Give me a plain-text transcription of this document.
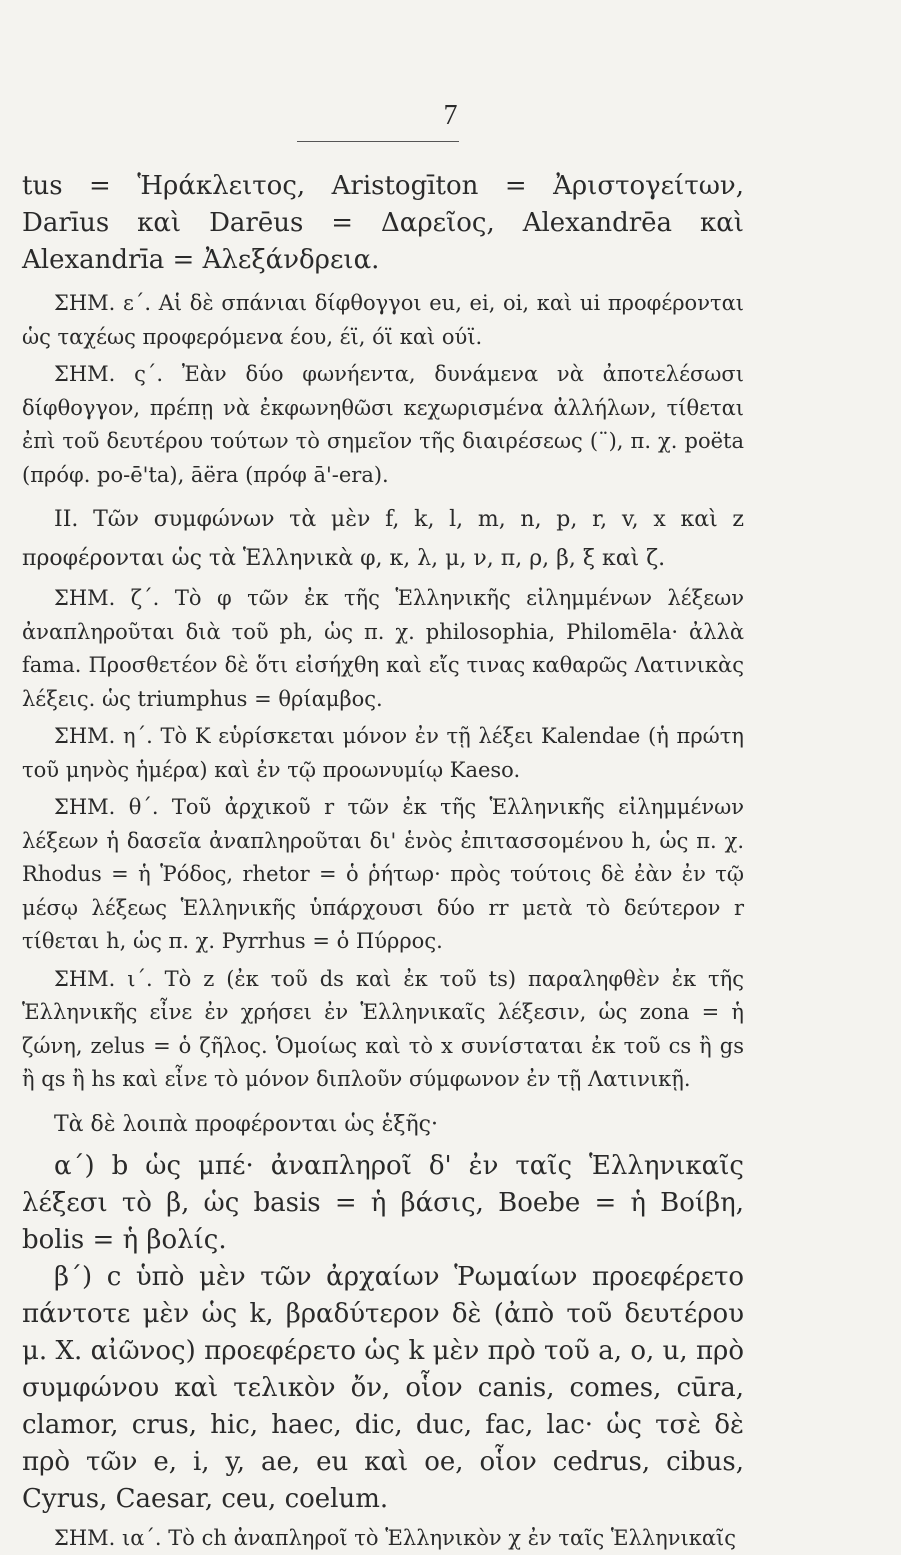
7

tus = Ἡράκλειτος, Aristogīton = Ἀριστογείτων, Darīus καὶ Darēus = Δαρεῖος, Alexandrēa καὶ Alexandrīa = Ἀλεξάνδρεια.

ΣΗΜ. ε΄. Αἱ δὲ σπάνιαι δίφθογγοι eu, ei, oi, καὶ ui προφέρονται ὡς ταχέως προφερόμενα έου, έϊ, όϊ καὶ ούϊ.

ΣΗΜ. ς΄. Ἐὰν δύο φωνήεντα, δυνάμενα νὰ ἀποτελέσωσι δίφθογγον, πρέπῃ νὰ ἐκφωνηθῶσι κεχωρισμένα ἀλλήλων, τίθεται ἐπὶ τοῦ δευτέρου τούτων τὸ σημεῖον τῆς διαιρέσεως (¨), π. χ. poëta (πρόφ. po-ē'ta), āëra (πρόφ ā'-era).

II. Τῶν συμφώνων τὰ μὲν f, k, l, m, n, p, r, v, x καὶ z προφέρονται ὡς τὰ Ἑλληνικὰ φ, κ, λ, μ, ν, π, ρ, β, ξ καὶ ζ.

ΣΗΜ. ζ΄. Τὸ φ τῶν ἐκ τῆς Ἑλληνικῆς εἰλημμένων λέξεων ἀναπληροῦται διὰ τοῦ ph, ὡς π. χ. philosophia, Philomēla· ἀλλὰ fama. Προσθετέον δὲ ὅτι εἰσήχθη καὶ εἴς τινας καθαρῶς Λατινικὰς λέξεις. ὡς triumphus = θρίαμβος.

ΣΗΜ. η΄. Τὸ K εὑρίσκεται μόνον ἐν τῇ λέξει Kalendae (ἡ πρώτη τοῦ μηνὸς ἡμέρα) καὶ ἐν τῷ προωνυμίῳ Kaeso.

ΣΗΜ. θ΄. Τοῦ ἀρχικοῦ r τῶν ἐκ τῆς Ἑλληνικῆς εἰλημμένων λέξεων ἡ δασεῖα ἀναπληροῦται δι' ἑνὸς ἐπιτασσομένου h, ὡς π. χ. Rhodus = ἡ Ῥόδος, rhetor = ὁ ῥήτωρ· πρὸς τούτοις δὲ ἐὰν ἐν τῷ μέσῳ λέξεως Ἑλληνικῆς ὑπάρχουσι δύο rr μετὰ τὸ δεύτερον r τίθεται h, ὡς π. χ. Pyrrhus = ὁ Πύρρος.

ΣΗΜ. ι΄. Τὸ z (ἐκ τοῦ ds καὶ ἐκ τοῦ ts) παραληφθὲν ἐκ τῆς Ἑλληνικῆς εἶνε ἐν χρήσει ἐν Ἑλληνικαῖς λέξεσιν, ὡς zona = ἡ ζώνη, zelus = ὁ ζῆλος. Ὁμοίως καὶ τὸ x συνίσταται ἐκ τοῦ cs ἢ gs ἢ qs ἢ hs καὶ εἶνε τὸ μόνον διπλοῦν σύμφωνον ἐν τῇ Λατινικῇ.

Τὰ δὲ λοιπὰ προφέρονται ὡς ἑξῆς·

α΄) b ὡς μπέ· ἀναπληροῖ δ' ἐν ταῖς Ἑλληνικαῖς λέξεσι τὸ β, ὡς basis = ἡ βάσις, Boebe = ἡ Βοίβη, bolis = ἡ βολίς.

β΄) c ὑπὸ μὲν τῶν ἀρχαίων Ῥωμαίων προεφέρετο πάντοτε μὲν ὡς k, βραδύτερον δὲ (ἀπὸ τοῦ δευτέρου μ. Χ. αἰῶνος) προεφέρετο ὡς k μὲν πρὸ τοῦ a, o, u, πρὸ συμφώνου καὶ τελικὸν ὄν, οἷον canis, comes, cūra, clamor, crus, hic, haec, dic, duc, fac, lac· ὡς τσὲ δὲ πρὸ τῶν e, i, y, ae, eu καὶ oe, οἷον cedrus, cibus, Cyrus, Caesar, ceu, coelum.

ΣΗΜ. ια΄. Τὸ ch ἀναπληροῖ τὸ Ἑλληνικὸν χ ἐν ταῖς Ἑλληνικαῖς
